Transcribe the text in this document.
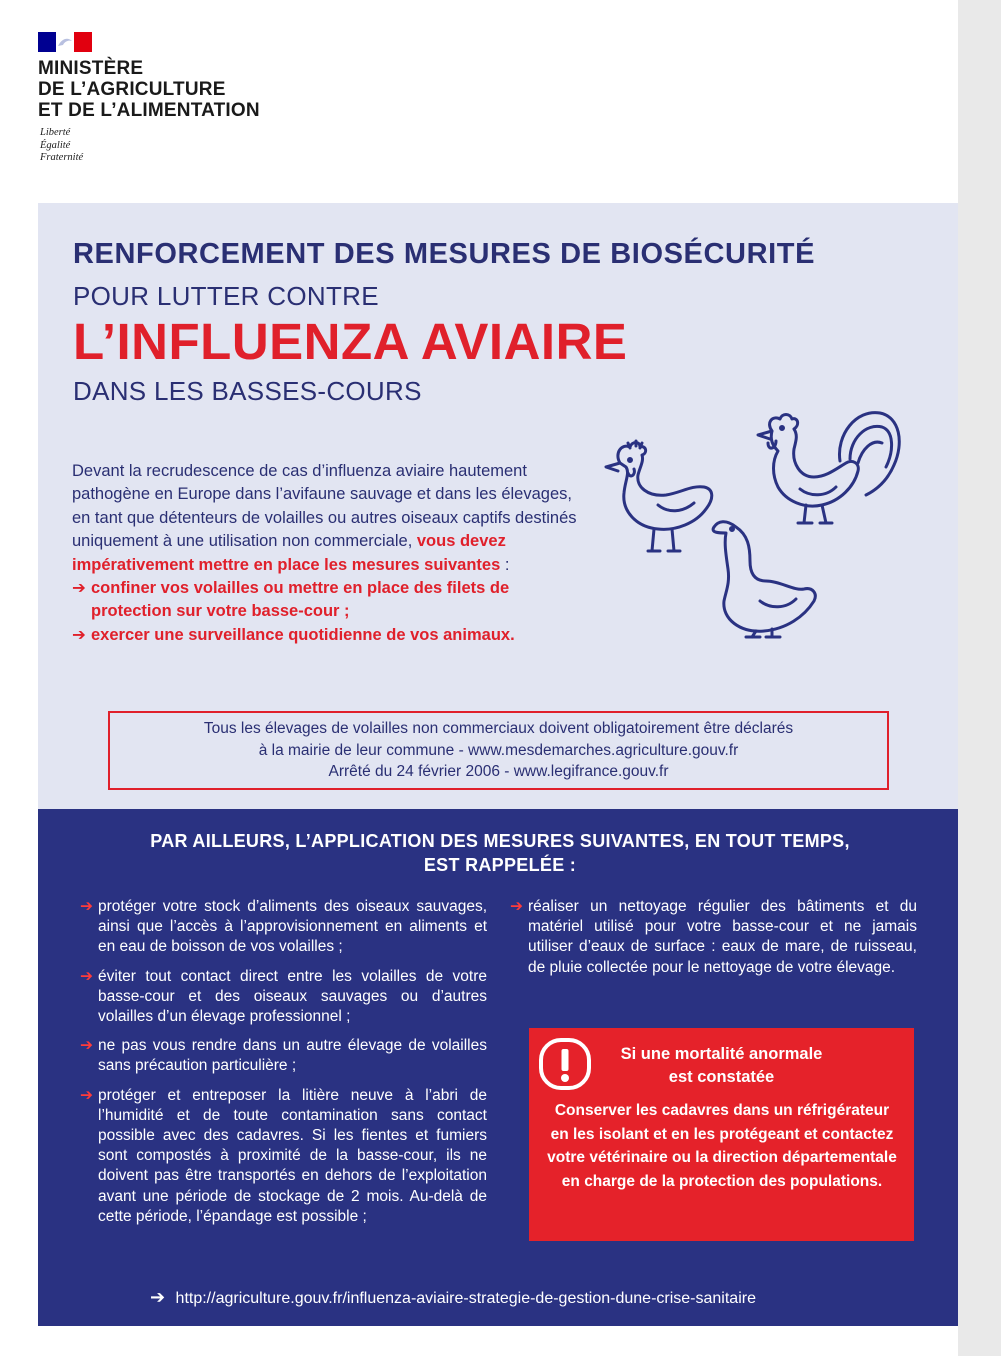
MINISTÈRE
DE L’AGRICULTURE
ET DE L’ALIMENTATION
Liberté
Égalité
Fraternité
RENFORCEMENT DES MESURES DE BIOSÉCURITÉ
POUR LUTTER CONTRE
L’INFLUENZA AVIAIRE
DANS LES BASSES-COURS
Devant la recrudescence de cas d’influenza aviaire hautement pathogène en Europe dans l’avifaune sauvage et dans les élevages, en tant que détenteurs de volailles ou autres oiseaux captifs destinés uniquement à une utilisation non commerciale, vous devez impérativement mettre en place les mesures suivantes :
➔ confiner vos volailles ou mettre en place des filets de protection sur votre basse-cour ;
➔ exercer une surveillance quotidienne de vos animaux.
Tous les élevages de volailles non commerciaux doivent obligatoirement être déclarés
à la mairie de leur commune - www.mesdemarches.agriculture.gouv.fr
Arrêté du 24 février 2006 - www.legifrance.gouv.fr
PAR AILLEURS, L’APPLICATION DES MESURES SUIVANTES, EN TOUT TEMPS,
EST RAPPELÉE :
➔ protéger votre stock d’aliments des oiseaux sauvages, ainsi que l’accès à l’approvisionnement en aliments et en eau de boisson de vos volailles ;
➔ éviter tout contact direct entre les volailles de votre basse-cour et des oiseaux sauvages ou d’autres volailles d’un élevage professionnel ;
➔ ne pas vous rendre dans un autre élevage de volailles sans précaution particulière ;
➔ protéger et entreposer la litière neuve à l’abri de l’humidité et de toute contamination sans contact possible avec des cadavres. Si les fientes et fumiers sont compostés à proximité de la basse-cour, ils ne doivent pas être transportés en dehors de l’exploitation avant une période de stockage de 2 mois. Au-delà de cette période, l’épandage est possible ;
➔ réaliser un nettoyage régulier des bâtiments et du matériel utilisé pour votre basse-cour et ne jamais utiliser d’eaux de surface : eaux de mare, de ruisseau, de pluie collectée pour le nettoyage de votre élevage.
Si une mortalité anormale
est constatée
Conserver les cadavres dans un réfrigérateur en les isolant et en les protégeant et contactez votre vétérinaire ou la direction départementale en charge de la protection des populations.
➔ http://agriculture.gouv.fr/influenza-aviaire-strategie-de-gestion-dune-crise-sanitaire
